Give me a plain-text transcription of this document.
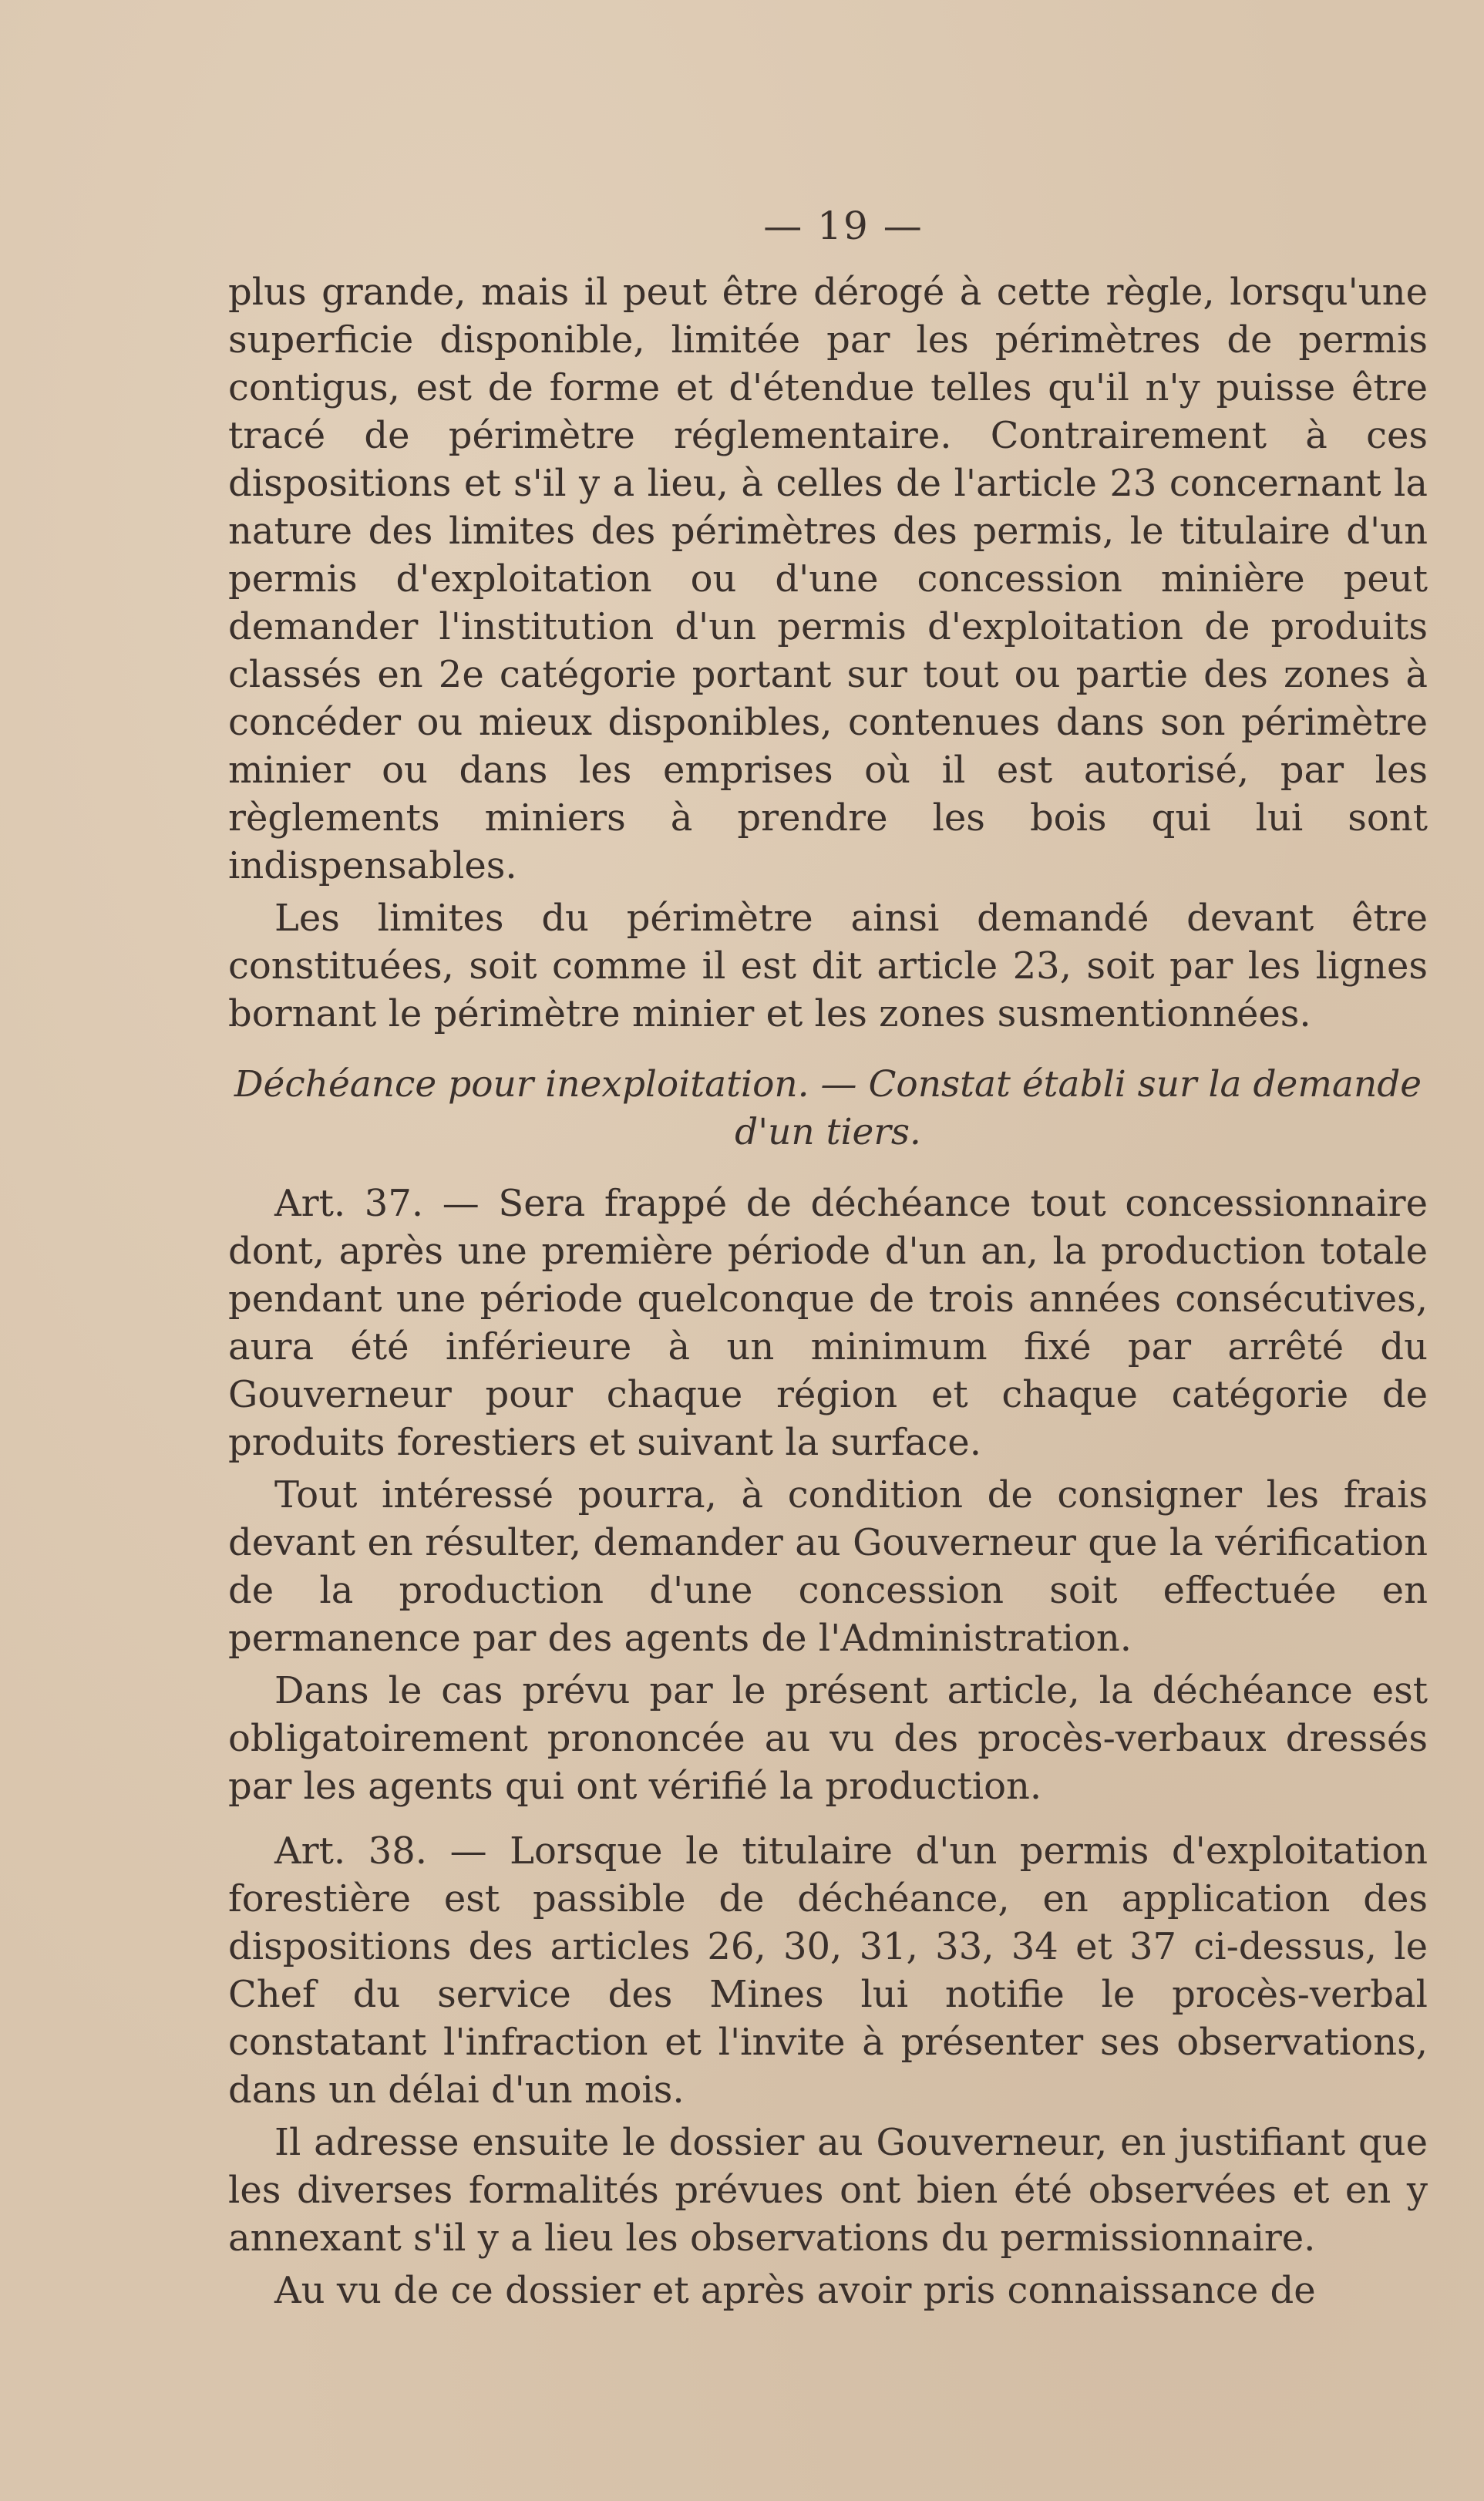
— 19 —

plus grande, mais il peut être dérogé à cette règle, lorsqu'une superficie disponible, limitée par les périmètres de permis contigus, est de forme et d'étendue telles qu'il n'y puisse être tracé de périmètre réglementaire. Contrairement à ces dispositions et s'il y a lieu, à celles de l'article 23 concernant la nature des limites des périmètres des permis, le titulaire d'un permis d'exploitation ou d'une concession minière peut demander l'institution d'un permis d'exploitation de produits classés en 2e catégorie portant sur tout ou partie des zones à concéder ou mieux disponibles, contenues dans son périmètre minier ou dans les emprises où il est autorisé, par les règlements miniers à prendre les bois qui lui sont indispensables.

Les limites du périmètre ainsi demandé devant être constituées, soit comme il est dit article 23, soit par les lignes bornant le périmètre minier et les zones susmentionnées.

Déchéance pour inexploitation. — Constat établi sur la demande d'un tiers.

Art. 37. — Sera frappé de déchéance tout concessionnaire dont, après une première période d'un an, la production totale pendant une période quelconque de trois années consécutives, aura été inférieure à un minimum fixé par arrêté du Gouverneur pour chaque région et chaque catégorie de produits forestiers et suivant la surface.

Tout intéressé pourra, à condition de consigner les frais devant en résulter, demander au Gouverneur que la vérification de la production d'une concession soit effectuée en permanence par des agents de l'Administration.

Dans le cas prévu par le présent article, la déchéance est obligatoirement prononcée au vu des procès-verbaux dressés par les agents qui ont vérifié la production.

Art. 38. — Lorsque le titulaire d'un permis d'exploitation forestière est passible de déchéance, en application des dispositions des articles 26, 30, 31, 33, 34 et 37 ci-dessus, le Chef du service des Mines lui notifie le procès-verbal constatant l'infraction et l'invite à présenter ses observations, dans un délai d'un mois.

Il adresse ensuite le dossier au Gouverneur, en justifiant que les diverses formalités prévues ont bien été observées et en y annexant s'il y a lieu les observations du permissionnaire.

Au vu de ce dossier et après avoir pris connaissance de
